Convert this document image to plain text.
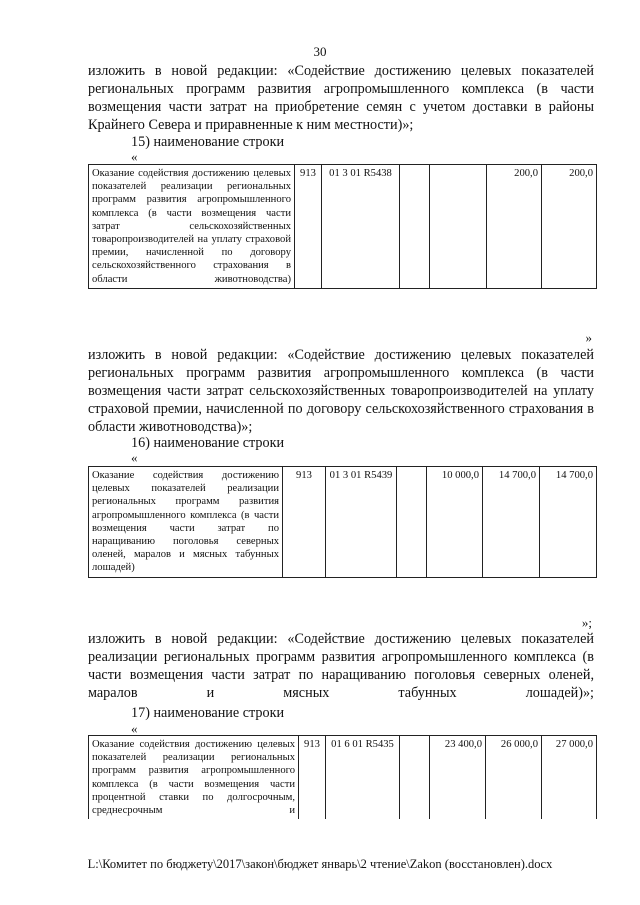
30
изложить в новой редакции: «Содействие достижению целевых показателей региональных программ развития агропромышленного комплекса (в части возмещения части затрат на приобретение семян с учетом доставки в районы Крайнего Севера и приравненные к ним местности)»;
15) наименование строки
«
Оказание содействия достижению целевых показателей реализации региональных программ развития агропромышленного комплекса (в части возмещения части затрат сельскохозяйственных товаропроизводителей на уплату страховой премии, начисленной по договору сельскохозяйственного страхования в области животноводства)	913	01 3 01 R5438			200,0	200,0
»
изложить в новой редакции: «Содействие достижению целевых показателей региональных программ развития агропромышленного комплекса (в части возмещения части затрат сельскохозяйственных товаропроизводителей на уплату страховой премии, начисленной по договору сельскохозяйственного страхования в области животноводства)»;
16) наименование строки
«
Оказание содействия достижению целевых показателей реализации региональных программ развития агропромышленного комплекса (в части возмещения части затрат по наращиванию поголовья северных оленей, маралов и мясных табунных лошадей)	913	01 3 01 R5439		10 000,0	14 700,0	14 700,0
»;
изложить в новой редакции: «Содействие достижению целевых показателей реализации региональных программ развития агропромышленного комплекса (в части возмещения части затрат по наращиванию поголовья северных оленей, маралов и мясных табунных лошадей)»;
17) наименование строки
«
Оказание содействия достижению целевых показателей реализации региональных программ развития агропромышленного комплекса (в части возмещения части процентной ставки по долгосрочным, среднесрочным и	913	01 6 01 R5435		23 400,0	26 000,0	27 000,0
L:\Комитет по бюджету\2017\закон\бюджет январь\2 чтение\Zakon (восстановлен).docx
